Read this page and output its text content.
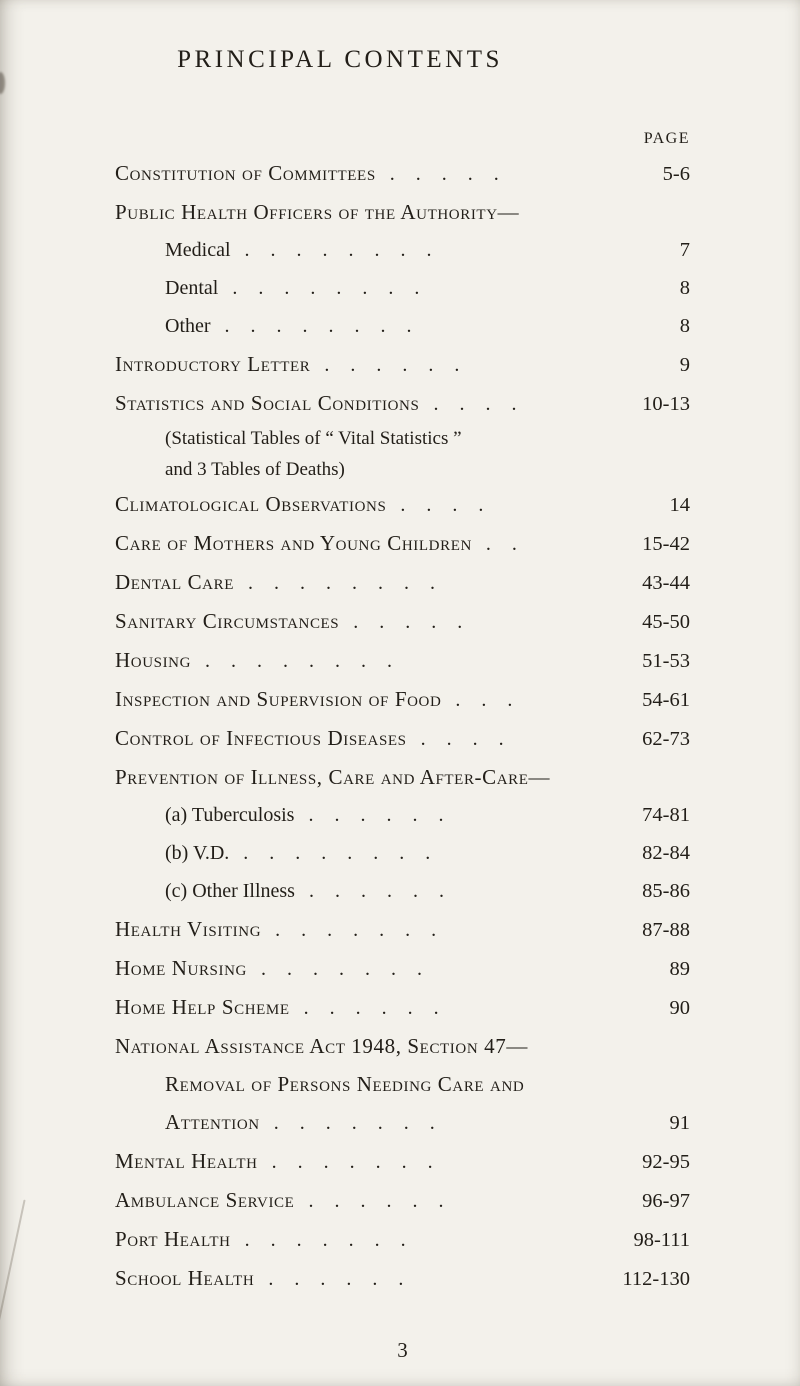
PRINCIPAL CONTENTS
PAGE
Constitution of Committees . . . . .	5-6
Public Health Officers of the Authority—
Medical . . . . . . . .	7
Dental . . . . . . . .	8
Other . . . . . . . .	8
Introductory Letter . . . . . .	9
Statistics and Social Conditions . . . .	10-13
(Statistical Tables of “ Vital Statistics ”
and 3 Tables of Deaths)
Climatological Observations . . . .	14
Care of Mothers and Young Children . .	15-42
Dental Care . . . . . . . .	43-44
Sanitary Circumstances . . . . .	45-50
Housing . . . . . . . .	51-53
Inspection and Supervision of Food . . .	54-61
Control of Infectious Diseases . . . .	62-73
Prevention of Illness, Care and After-Care—
(a) Tuberculosis . . . . . .	74-81
(b) V.D. . . . . . . . .	82-84
(c) Other Illness . . . . . .	85-86
Health Visiting . . . . . . .	87-88
Home Nursing . . . . . . .	89
Home Help Scheme . . . . . .	90
National Assistance Act 1948, Section 47—
Removal of Persons Needing Care and
Attention . . . . . . .	91
Mental Health . . . . . . .	92-95
Ambulance Service . . . . . .	96-97
Port Health . . . . . . .	98-111
School Health . . . . . .	112-130
3
